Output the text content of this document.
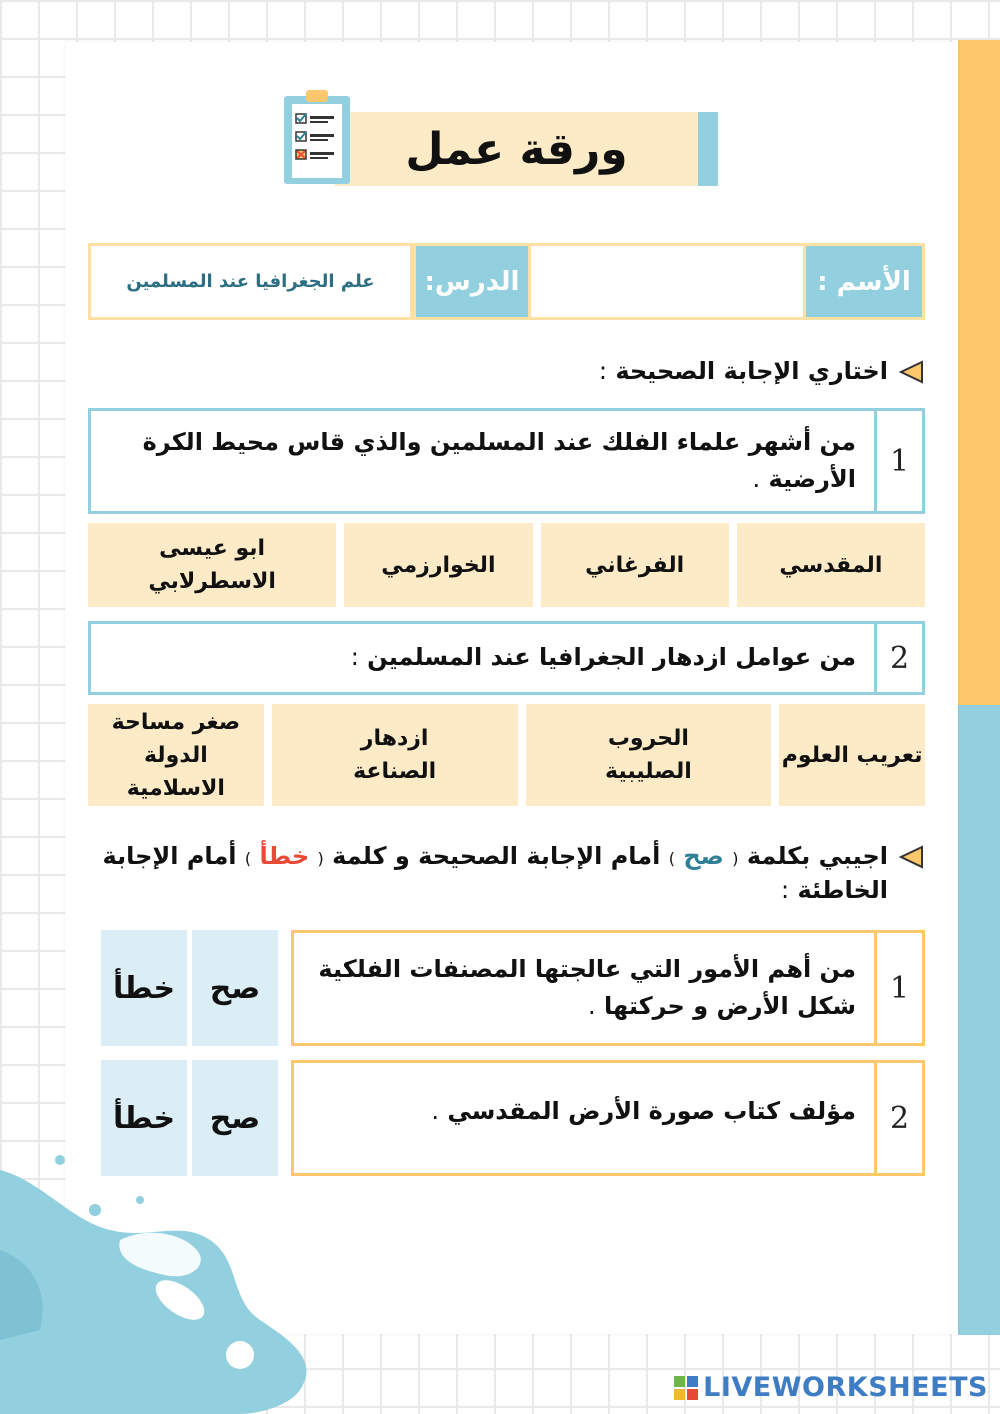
ورقة عمل
الأسم :
الدرس:
علم الجغرافيا عند المسلمين
اختاري الإجابة الصحيحة :
1
من أشهر علماء الفلك عند المسلمين والذي قاس محيط الكرة الأرضية .
المقدسي
الفرغاني
الخوارزمي
ابو عيسى الاسطرلابي
2
من عوامل ازدهار الجغرافيا عند المسلمين :
تعريب العلوم
الحروب الصليبية
ازدهار الصناعة
صغر مساحة الدولة الاسلامية
اجيبي بكلمة ( صح ) أمام الإجابة الصحيحة و كلمة ( خطأ ) أمام الإجابة الخاطئة :
1
من أهم الأمور التي عالجتها المصنفات الفلكية شكل الأرض و حركتها .
صح
خطأ
2
مؤلف كتاب صورة الأرض المقدسي .
صح
خطأ
LIVEWORKSHEETS
